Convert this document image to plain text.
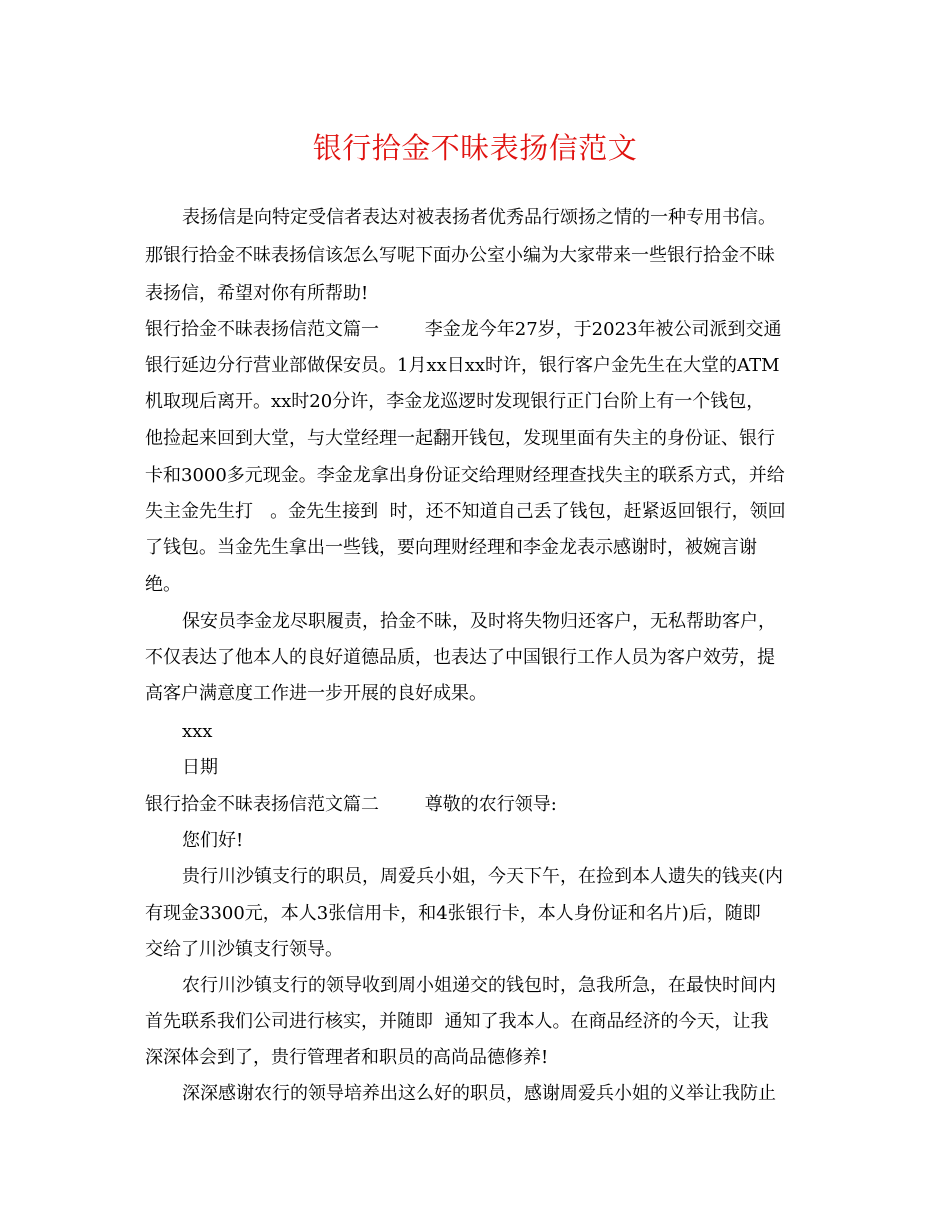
银行拾金不昧表扬信范文
表扬信是向特定受信者表达对被表扬者优秀品行颂扬之情的一种专用书信。
那银行拾金不昧表扬信该怎么写呢下面办公室小编为大家带来一些银行拾金不昧
表扬信，希望对你有所帮助!
银行拾金不昧表扬信范文篇一        李金龙今年27岁，于2023年被公司派到交通
银行延边分行营业部做保安员。1月xx日xx时许，银行客户金先生在大堂的ATM
机取现后离开。xx时20分许，李金龙巡逻时发现银行正门台阶上有一个钱包，
他捡起来回到大堂，与大堂经理一起翻开钱包，发现里面有失主的身份证、银行
卡和3000多元现金。李金龙拿出身份证交给理财经理查找失主的联系方式，并给
失主金先生打   。金先生接到  时，还不知道自己丢了钱包，赶紧返回银行，领回
了钱包。当金先生拿出一些钱，要向理财经理和李金龙表示感谢时，被婉言谢
绝。
保安员李金龙尽职履责，拾金不昧，及时将失物归还客户，无私帮助客户，
不仅表达了他本人的良好道德品质，也表达了中国银行工作人员为客户效劳，提
高客户满意度工作进一步开展的良好成果。
xxx
日期
银行拾金不昧表扬信范文篇二        尊敬的农行领导:
您们好!
贵行川沙镇支行的职员，周爱兵小姐，今天下午，在捡到本人遗失的钱夹(内
有现金3300元，本人3张信用卡，和4张银行卡，本人身份证和名片)后，随即
交给了川沙镇支行领导。
农行川沙镇支行的领导收到周小姐递交的钱包时，急我所急，在最快时间内
首先联系我们公司进行核实，并随即  通知了我本人。在商品经济的今天，让我
深深体会到了，贵行管理者和职员的高尚品德修养!
深深感谢农行的领导培养出这么好的职员，感谢周爱兵小姐的义举让我防止
